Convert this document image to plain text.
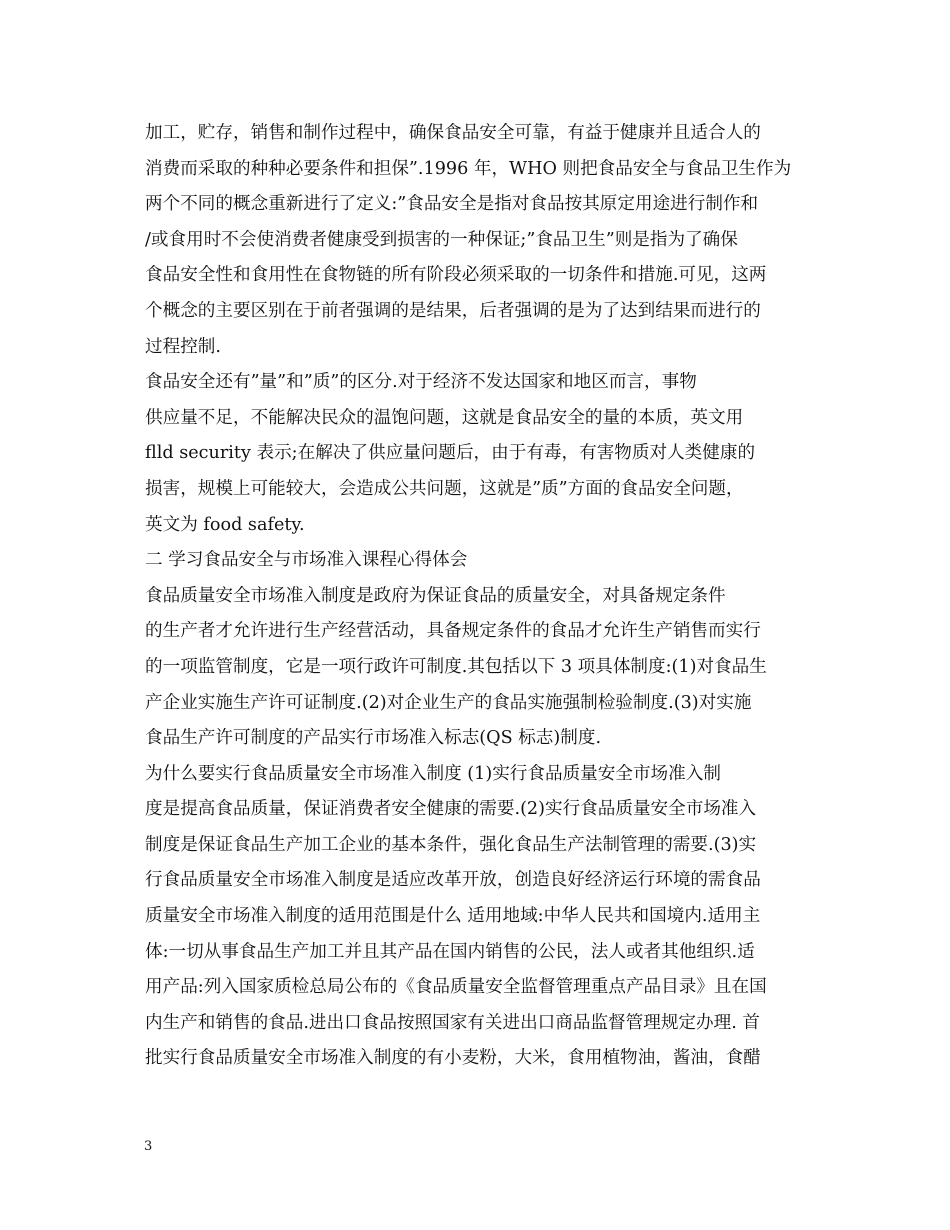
加工，贮存，销售和制作过程中，确保食品安全可靠，有益于健康并且适合人的
消费而采取的种种必要条件和担保”.1996 年，WHO 则把食品安全与食品卫生作为
两个不同的概念重新进行了定义:”食品安全是指对食品按其原定用途进行制作和
/或食用时不会使消费者健康受到损害的一种保证;”食品卫生”则是指为了确保
食品安全性和食用性在食物链的所有阶段必须采取的一切条件和措施.可见，这两
个概念的主要区别在于前者强调的是结果，后者强调的是为了达到结果而进行的
过程控制.
食品安全还有”量”和”质”的区分.对于经济不发达国家和地区而言，事物
供应量不足，不能解决民众的温饱问题，这就是食品安全的量的本质，英文用
flld security 表示;在解决了供应量问题后，由于有毒，有害物质对人类健康的
损害，规模上可能较大，会造成公共问题，这就是”质”方面的食品安全问题，
英文为 food safety.
二 学习食品安全与市场准入课程心得体会
食品质量安全市场准入制度是政府为保证食品的质量安全，对具备规定条件
的生产者才允许进行生产经营活动，具备规定条件的食品才允许生产销售而实行
的一项监管制度，它是一项行政许可制度.其包括以下 3 项具体制度:(1)对食品生
产企业实施生产许可证制度.(2)对企业生产的食品实施强制检验制度.(3)对实施
食品生产许可制度的产品实行市场准入标志(QS 标志)制度.
为什么要实行食品质量安全市场准入制度 (1)实行食品质量安全市场准入制
度是提高食品质量，保证消费者安全健康的需要.(2)实行食品质量安全市场准入
制度是保证食品生产加工企业的基本条件，强化食品生产法制管理的需要.(3)实
行食品质量安全市场准入制度是适应改革开放，创造良好经济运行环境的需食品
质量安全市场准入制度的适用范围是什么 适用地域:中华人民共和国境内.适用主
体:一切从事食品生产加工并且其产品在国内销售的公民，法人或者其他组织.适
用产品:列入国家质检总局公布的《食品质量安全监督管理重点产品目录》且在国
内生产和销售的食品.进出口食品按照国家有关进出口商品监督管理规定办理. 首
批实行食品质量安全市场准入制度的有小麦粉，大米，食用植物油，酱油，食醋
3
